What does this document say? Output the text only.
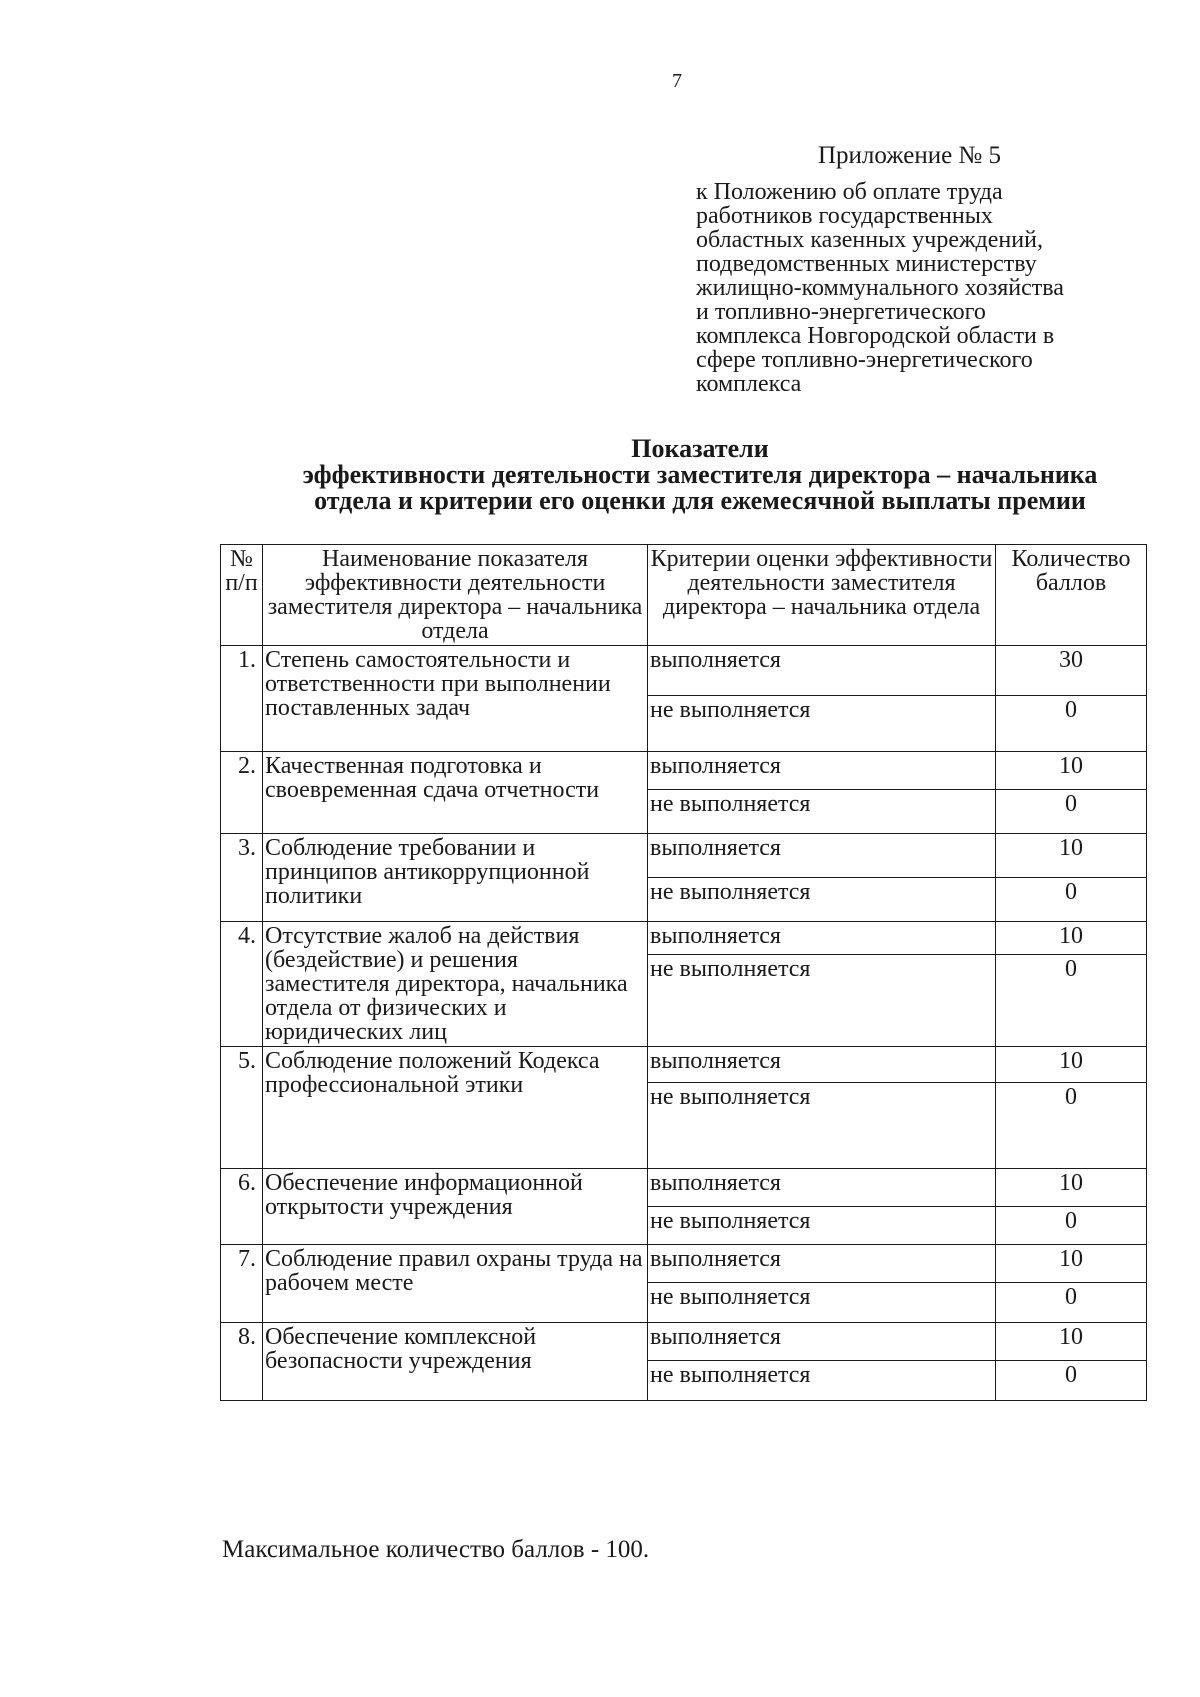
7
Приложение № 5
к Положению об оплате труда
работников государственных
областных казенных учреждений,
подведомственных министерству
жилищно-коммунального хозяйства
и топливно-энергетического
комплекса Новгородской области в
сфере топливно-энергетического
комплекса
Показатели
эффективности деятельности заместителя директора – начальника
отдела и критерии его оценки для ежемесячной выплаты премии
№ п/п	Наименование показателя эффективности деятельности заместителя директора – начальника отдела	Критерии оценки эффективности деятельности заместителя директора – начальника отдела	Количество баллов
1.	Степень самостоятельности и ответственности при выполнении поставленных задач	выполняется	30
		не выполняется	0
2.	Качественная подготовка и своевременная сдача отчетности	выполняется	10
		не выполняется	0
3.	Соблюдение требовании и принципов антикоррупционной политики	выполняется	10
		не выполняется	0
4.	Отсутствие жалоб на действия (бездействие) и решения заместителя директора, начальника отдела от физических и юридических лиц	выполняется	10
		не выполняется	0
5.	Соблюдение положений Кодекса профессиональной этики	выполняется	10
		не выполняется	0
6.	Обеспечение информационной открытости учреждения	выполняется	10
		не выполняется	0
7.	Соблюдение правил охраны труда на рабочем месте	выполняется	10
		не выполняется	0
8.	Обеспечение комплексной безопасности учреждения	выполняется	10
		не выполняется	0
Максимальное количество баллов - 100.
